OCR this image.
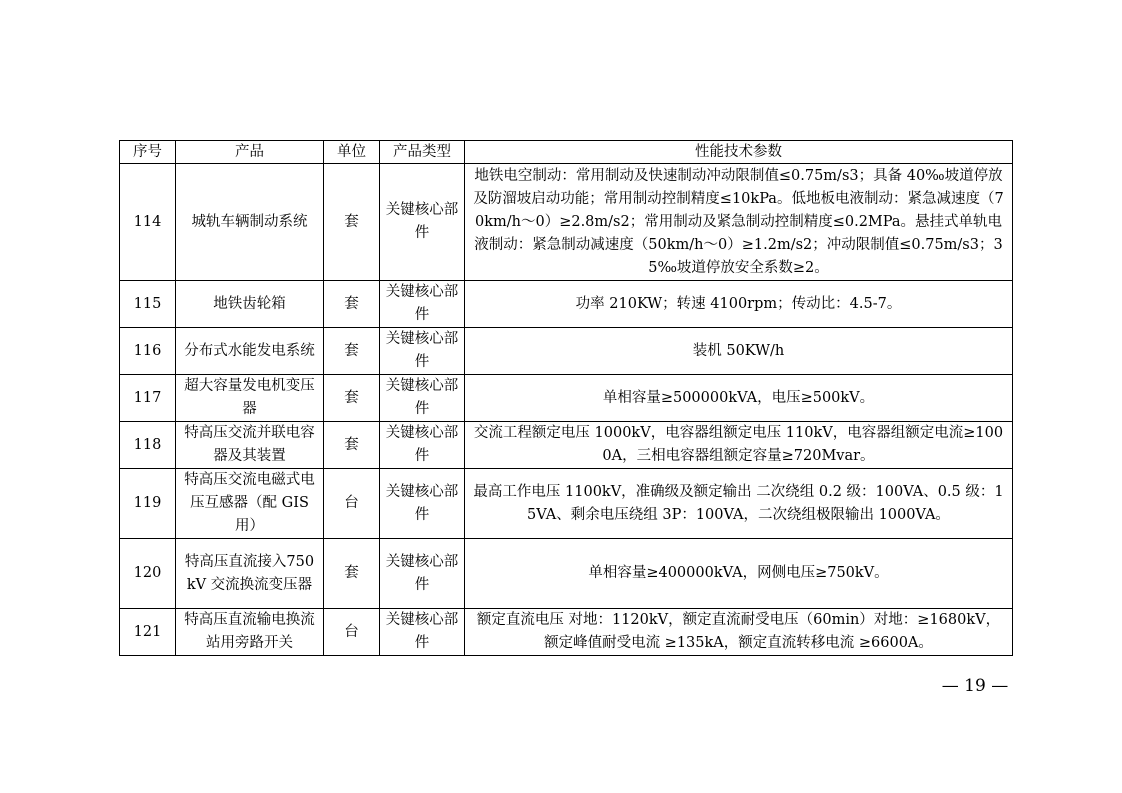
序号	产品	单位	产品类型	性能技术参数
114	城轨车辆制动系统	套	关键核心部件	地铁电空制动：常用制动及快速制动冲动限制值≤0.75m/s3；具备 40‰坡道停放及防溜坡启动功能；常用制动控制精度≤10kPa。低地板电液制动：紧急减速度（70km/h～0）≥2.8m/s2；常用制动及紧急制动控制精度≤0.2MPa。悬挂式单轨电液制动：紧急制动减速度（50km/h～0）≥1.2m/s2；冲动限制值≤0.75m/s3；35‰坡道停放安全系数≥2。
115	地铁齿轮箱	套	关键核心部件	功率 210KW；转速 4100rpm；传动比：4.5-7。
116	分布式水能发电系统	套	关键核心部件	装机 50KW/h
117	超大容量发电机变压器	套	关键核心部件	单相容量≥500000kVA，电压≥500kV。
118	特高压交流并联电容器及其装置	套	关键核心部件	交流工程额定电压 1000kV，电容器组额定电压 110kV，电容器组额定电流≥1000A，三相电容器组额定容量≥720Mvar。
119	特高压交流电磁式电压互感器（配 GIS 用）	台	关键核心部件	最高工作电压 1100kV，准确级及额定输出 二次绕组 0.2 级：100VA、0.5 级：15VA、剩余电压绕组 3P：100VA，二次绕组极限输出 1000VA。
120	特高压直流接入750kV 交流换流变压器	套	关键核心部件	单相容量≥400000kVA，网侧电压≥750kV。
121	特高压直流输电换流站用旁路开关	台	关键核心部件	额定直流电压 对地：1120kV，额定直流耐受电压（60min）对地：≥1680kV，额定峰值耐受电流 ≥135kA，额定直流转移电流 ≥6600A。
— 19 —
